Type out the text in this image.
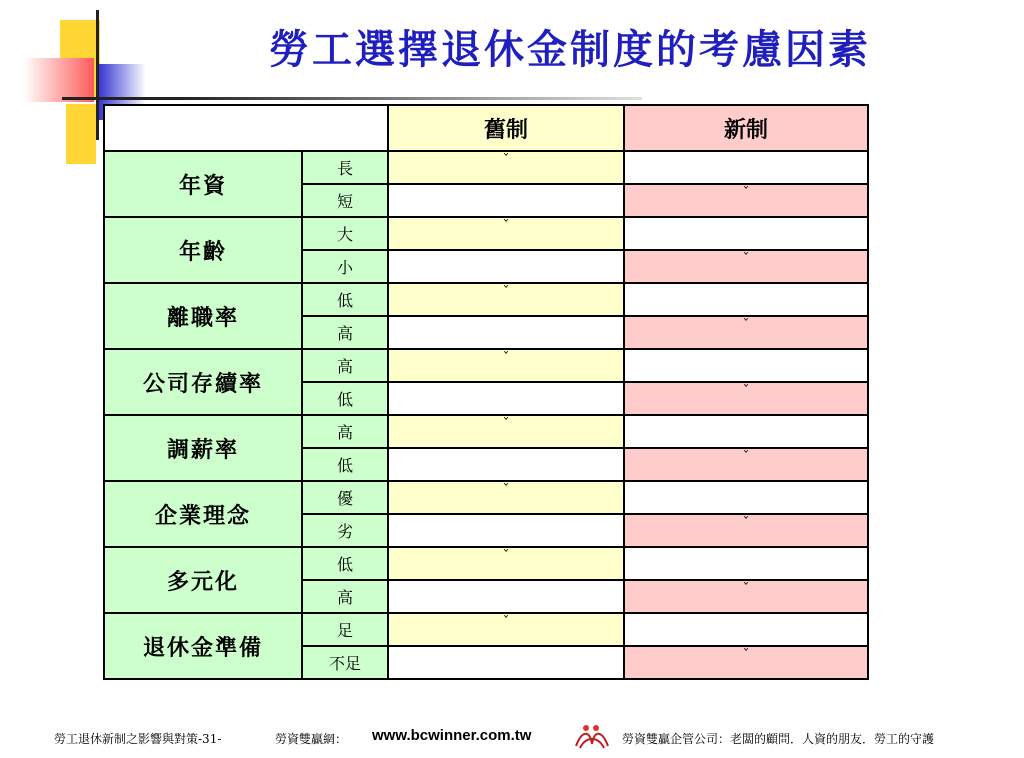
勞工選擇退休金制度的考慮因素
		舊制	新制
年資	長	ˇ	

	短		ˇ

年齡	大	ˇ	

	小		ˇ

離職率	低	ˇ	

	高		ˇ

公司存續率	高	ˇ	

	低		ˇ

調薪率	高	ˇ	

	低		ˇ

企業理念	優	ˇ	

	劣		ˇ

多元化	低	ˇ	

	高		ˇ

退休金準備	足	ˇ	

	不足		ˇ
勞工退休新制之影響與對策-31-	勞資雙贏網： www.bcwinner.com.tw	勞資雙贏企管公司：老闆的顧問．人資的朋友．勞工的守護
